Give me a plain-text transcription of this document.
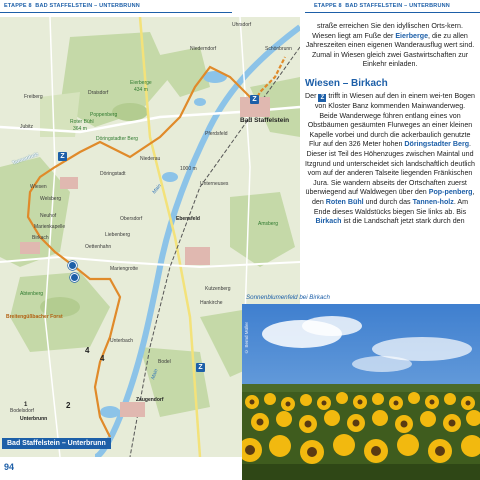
ETAPPE 8 BAD STAFFELSTEIN – UNTERBRUNN	ETAPPE 8 BAD STAFFELSTEIN – UNTERBRUNN
Uhrsdorf
Niederndorf	Schönbrunn
Freiberg
Draisdorf
Eierberge
434 m
Bad Staffelstein
Jubitz
Roter Bühl
364 m
Poppenberg
Döringstadter Berg
Tannenholz
Döringstadt
Niederau
Pferdsfeld
Wiesen
Welsberg
Neuhof
Unterneuses
Main
1000 m
Obersdorf	Ebensfeld
Amsberg
Birkach
Marienkapelle
Liebenberg
Oettenhahn
Mariengrotte
Abtenberg
Breitengüßbacher Forst
Kutzenberg
Hankirche
Unterbach
Main
Bodel
Zaugendorf
Bodelsdorf
Unterbrunn
4
4
2
1
Z
Z
Z
Bad Staffelstein – Unterbrunn
94

straße erreichen Sie den idyllischen Orts-kern. Wiesen liegt am Fuße der Eierberge, die zu allen Jahreszeiten einen eigenen Wanderausflug wert sind. Zumal in Wiesen gleich zwei Gastwirtschaften zur Einkehr einladen.

Wiesen – Birkach

Der Z trifft in Wiesen auf den in einem wei-ten Bogen von Kloster Banz kommenden Mainwanderweg. Beide Wanderwege führen entlang eines von Obstbäumen gesäumten Flurweges an einer kleinen Kapelle vorbei und durch die ackerbaulich genutzte Flur auf den 326 Meter hohen Döringstadter Berg. Dieser ist Teil des Höhenzuges zwischen Maintal und Itzgrund und unterscheidet sich landschaftlich deutlich vom auf der anderen Talseite liegenden Fränkischen Jura. Sie wandern abseits der Ortschaften zuerst überwiegend auf Waldwegen über den Pop-penberg, den Roten Bühl und durch das Tannen-holz. Am Ende dieses Waldstücks biegen Sie links ab. Bis Birkach ist die Landschaft jetzt stark durch den

Sonnenblumenfeld bei Birkach
© Bernd Müller
